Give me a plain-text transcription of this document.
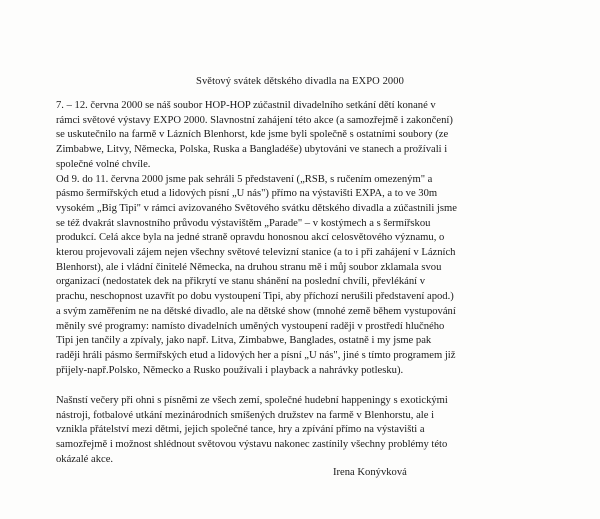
Světový svátek dětského divadla na EXPO 2000
7. – 12. června 2000 se náš soubor HOP-HOP zúčastnil divadelního setkání dětí konané v
rámci světové výstavy EXPO 2000. Slavnostní zahájení této akce (a samozřejmě i zakončení)
se uskutečnilo na farmě v Lázních Blenhorst, kde jsme byli společně s ostatními soubory (ze
Zimbabwe, Litvy, Německa, Polska, Ruska a Bangladéše) ubytováni ve stanech a prožívali i
společné volné chvíle.
Od 9. do 11. června 2000 jsme pak sehráli 5 představení („RSB, s ručením omezeným" a
pásmo šermířských etud a lidových písní „U nás") přímo na výstavišti EXPA, a to ve 30m
vysokém „Big Tipi" v rámci avizovaného Světového svátku dětského divadla a zúčastnili jsme
se též dvakrát slavnostního průvodu výstavištěm „Parade" – v kostýmech a s šermířskou
produkcí. Celá akce byla na jedné straně opravdu honosnou akcí celosvětového významu, o
kterou projevovali zájem nejen všechny světové televizní stanice (a to i při zahájení v Lázních
Blenhorst), ale i vládní činitelé Německa, na druhou stranu mě i můj soubor zklamala svou
organizací (nedostatek dek na přikrytí ve stanu shánění na poslední chvíli, převlékání v
prachu, neschopnost uzavřít po dobu vystoupení Tipi, aby příchozí nerušili představení apod.)
a svým zaměřením ne na dětské divadlo, ale na dětské show (mnohé země během vystupování
měnily své programy: namísto divadelních uměných vystoupení raději v prostředí hlučného
Tipi jen tančily a zpívaly, jako např. Litva, Zimbabwe, Banglades, ostatně i my jsme pak
raději hráli pásmo šermířských etud a lidových her a písní „U nás", jiné s tímto programem již
přijely-např.Polsko, Německo a Rusko používali i playback a nahrávky potlesku).
Našnstí večery při ohni s písněmi ze všech zemí, společné hudební happeningy s exotickými
nástroji, fotbalové utkání mezinárodních smíšených družstev na farmě v Blenhorstu, ale i
vznikla přátelství mezi dětmi, jejich společné tance, hry a zpívání přímo na výstavišti a
samozřejmě i možnost shlédnout světovou výstavu nakonec zastínily všechny problémy této
okázalé akce.
Irena Konývková
